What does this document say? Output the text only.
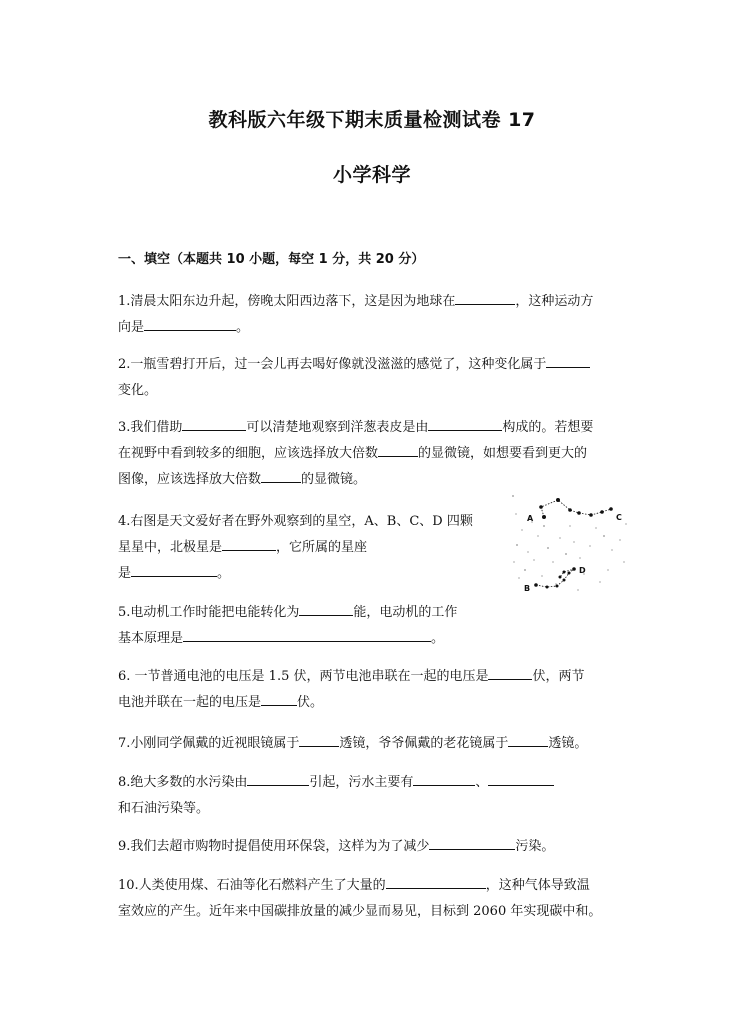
教科版六年级下期末质量检测试卷 17
小学科学

一、填空（本题共 10 小题，每空 1 分，共 20 分）

1.清晨太阳东边升起，傍晚太阳西边落下，这是因为地球在	，这种运动方
向是	。
2.一瓶雪碧打开后，过一会儿再去喝好像就没滋滋的感觉了，这种变化属于
变化。
3.我们借助	可以清楚地观察到洋葱表皮是由	构成的。若想要
在视野中看到较多的细胞，应该选择放大倍数	的显微镜，如想要看到更大的
图像，应该选择放大倍数	的显微镜。
4.右图是天文爱好者在野外观察到的星空，A、B、C、D 四颗
星星中，北极星是	，它所属的星座
是	。
A	C
B
D
5.电动机工作时能把电能转化为	能，电动机的工作
基本原理是	。
6. 一节普通电池的电压是 1.5 伏，两节电池串联在一起的电压是	伏，两节
电池并联在一起的电压是	伏。
7.小刚同学佩戴的近视眼镜属于	透镜，爷爷佩戴的老花镜属于	透镜。
8.绝大多数的水污染由	引起，污水主要有	、
和石油污染等。
9.我们去超市购物时提倡使用环保袋，这样为为了减少	污染。
10.人类使用煤、石油等化石燃料产生了大量的	，这种气体导致温
室效应的产生。近年来中国碳排放量的减少显而易见，目标到 2060 年实现碳中和。
